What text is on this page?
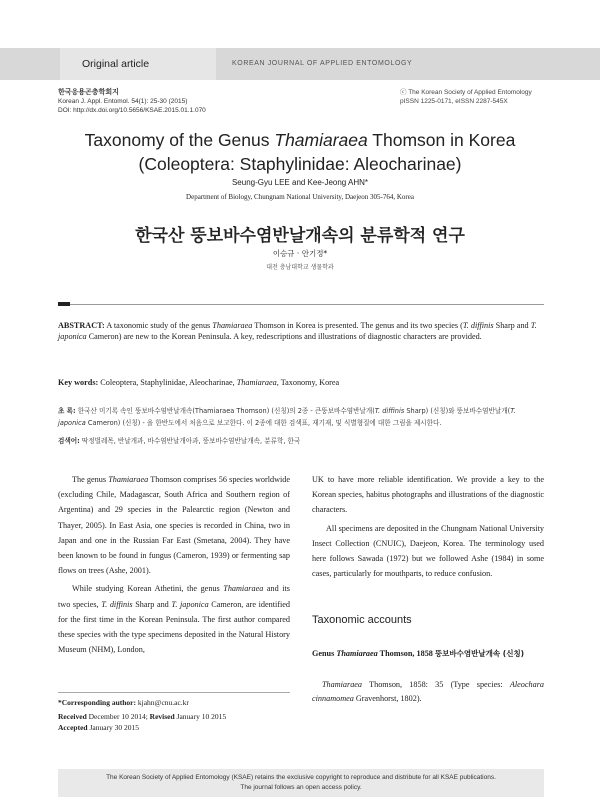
Original article	KOREAN JOURNAL OF APPLIED ENTOMOLOGY
한국응용곤충학회지
Korean J. Appl. Entomol. 54(1): 25-30 (2015)
DOI: http://dx.doi.org/10.5656/KSAE.2015.01.1.070
ⓒ The Korean Society of Applied Entomology
pISSN 1225-0171, eISSN 2287-545X
Taxonomy of the Genus Thamiaraea Thomson in Korea
(Coleoptera: Staphylinidae: Aleocharinae)
Seung-Gyu LEE and Kee-Jeong AHN*
Department of Biology, Chungnam National University, Daejeon 305-764, Korea
한국산 뚱보바수염반날개속의 분류학적 연구
이승규 · 안기정*
대전 충남대학교 생물학과
ABSTRACT: A taxonomic study of the genus Thamiaraea Thomson in Korea is presented. The genus and its two species (T. diffinis Sharp and T. japonica Cameron) are new to the Korean Peninsula. A key, redescriptions and illustrations of diagnostic characters are provided.
Key words: Coleoptera, Staphylinidae, Aleocharinae, Thamiaraea, Taxonomy, Korea
초 록: 한국산 미기록 속인 뚱보바수염반날개속(Thamiaraea Thomson) (신칭)의 2종 - 큰뚱보바수염반날개(T. diffinis Sharp) (신칭)와 뚱보바수염반날개(T. japonica Cameron) (신칭) - 을 한반도에서 처음으로 보고한다. 이 2종에 대한 검색표, 재기재, 및 식별형질에 대한 그림을 제시한다.
검색어: 딱정벌레목, 반날개과, 바수염반날개아과, 뚱보바수염반날개속, 분류학, 한국

The genus Thamiaraea Thomson comprises 56 species worldwide (excluding Chile, Madagascar, South Africa and Southern region of Argentina) and 29 species in the Palearctic region (Newton and Thayer, 2005). In East Asia, one species is recorded in China, two in Japan and one in the Russian Far East (Smetana, 2004). They have been known to be found in fungus (Cameron, 1939) or fermenting sap flows on trees (Ashe, 2001).

While studying Korean Athetini, the genus Thamiaraea and its two species, T. diffinis Sharp and T. japonica Cameron, are identified for the first time in the Korean Peninsula. The first author compared these species with the type specimens deposited in the Natural History Museum (NHM), London,

UK to have more reliable identification. We provide a key to the Korean species, habitus photographs and illustrations of the diagnostic characters.

All specimens are deposited in the Chungnam National University Insect Collection (CNUIC), Daejeon, Korea. The terminology used here follows Sawada (1972) but we followed Ashe (1984) in some cases, particularly for mouthparts, to reduce confusion.

Taxonomic accounts
Genus Thamiaraea Thomson, 1858 뚱보바수염반날개속 (신칭)
Thamiaraea Thomson, 1858: 35 (Type species: Aleochara cinnamomea Gravenhorst, 1802).
*Corresponding author: kjahn@cnu.ac.kr
Received December 10 2014; Revised January 10 2015
Accepted January 30 2015
The Korean Society of Applied Entomology (KSAE) retains the exclusive copyright to reproduce and distribute for all KSAE publications.
The journal follows an open access policy.
